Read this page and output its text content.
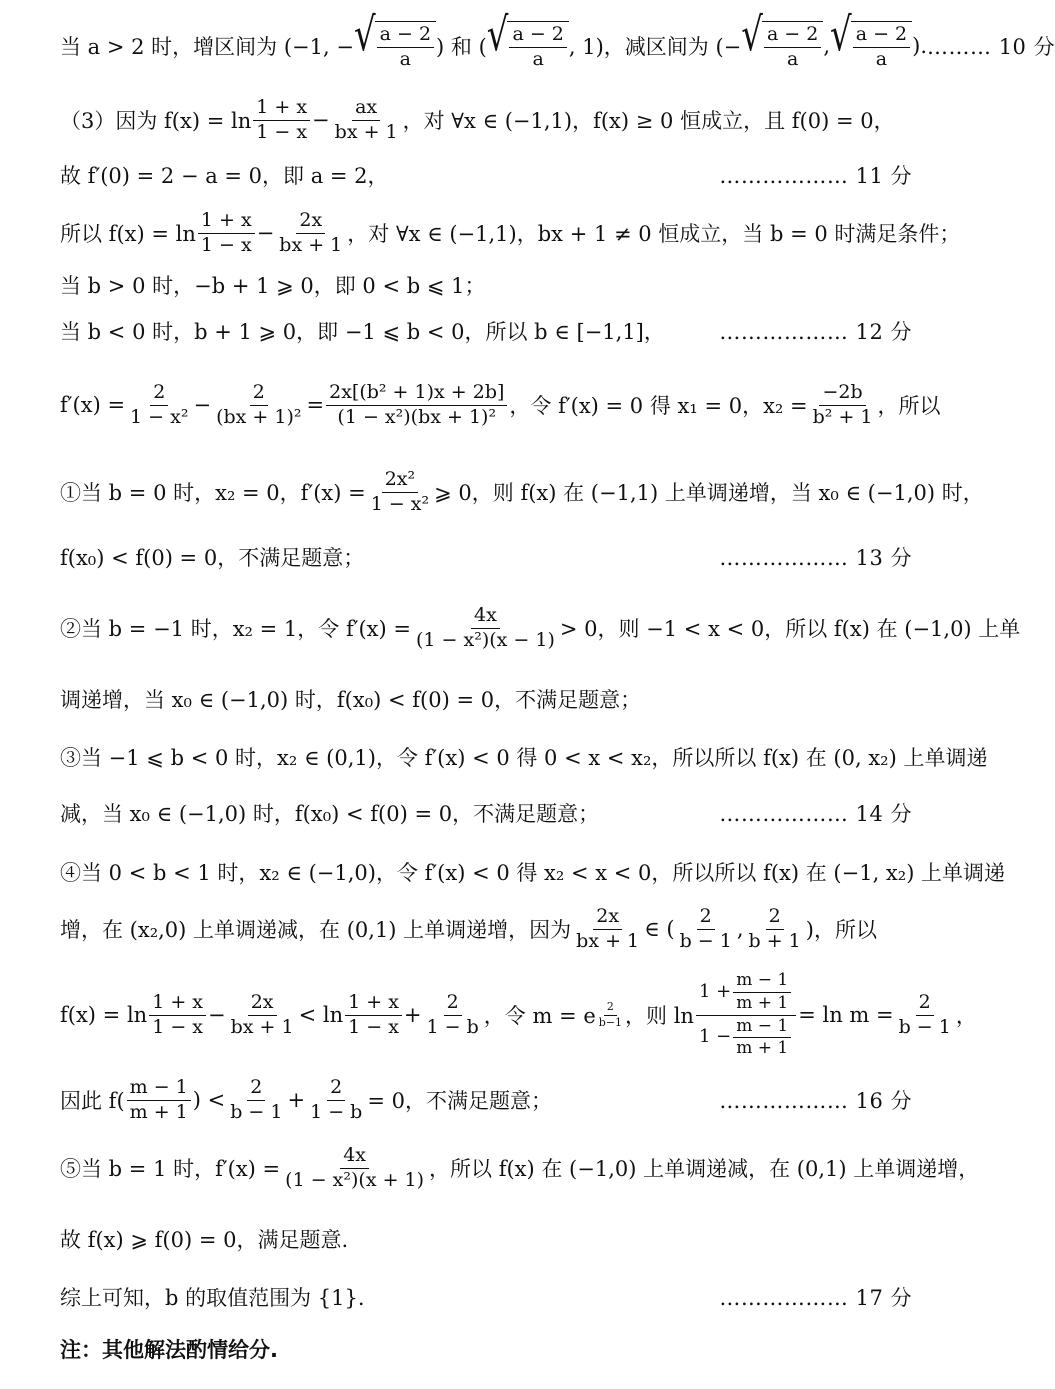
当 a > 2 时，增区间为 (−1, − √ $\frac{a - 2}{a}$ ) 和 ( √ $\frac{a - 2}{a}$ , 1)，减区间为 (− √ $\frac{a - 2}{a}$ , √ $\frac{a - 2}{a}$ ). ……… 10 分
（3）因为 f(x) = ln
1 + x
$1 - x - \frac{ax}{bx + 1}$ ，对 ∀x ∈ (−1,1)，f(x) ≥ 0 恒成立，且 f(0) = 0，
故 f′(0) = 2 − a = 0，即 a = 2，	……………… 11 分
所以 f(x) = ln
1 + x
$1 - x - \frac{2x}{bx + 1}$ ，对 ∀x ∈ (−1,1)，bx + 1 ≠ 0 恒成立，当 b = 0 时满足条件；
当 b > 0 时，−b + 1 ⩾ 0，即 0 < b ⩽ 1；
当 b < 0 时，b + 1 ⩾ 0，即 −1 ⩽ b < 0，所以 b ∈ [−1,1]，	……………… 12 分
$f'(x) = \frac{2}{\text{1 − x²}} - \frac{2}{\text{(bx + 1)²}} = \frac{\text{2x[(b² + 1)x + 2b]}}{\text{(1 − x²)(bx + 1)²}}$ ，令 f′(x) = 0 得 x₁ = 0，$x_2 = \frac{-2b}{\text{b² + 1}}$ ，所以
①当 b = 0 时，x₂ = 0，$f'(x) = \frac{\text{2x²}}{\text{1 − x²}}$ ⩾ 0，则 f(x) 在 (−1,1) 上单调递增，当 x₀ ∈ (−1,0) 时，
f(x₀) < f(0) = 0，不满足题意；	……………… 13 分
②当 b = −1 时，x₂ = 1，令 $f'(x) = \frac{4x}{\text{(1 − x²)(x − 1)}} > 0$，则 −1 < x < 0，所以 f(x) 在 (−1,0) 上单
调递增，当 x₀ ∈ (−1,0) 时，f(x₀) < f(0) = 0，不满足题意；
③当 −1 ⩽ b < 0 时，x₂ ∈ (0,1)，令 f′(x) < 0 得 0 < x < x₂，所以所以 f(x) 在 (0, x₂) 上单调递
减，当 x₀ ∈ (−1,0) 时，f(x₀) < f(0) = 0，不满足题意；	……………… 14 分
④当 0 < b < 1 时，x₂ ∈ (−1,0)，令 f′(x) < 0 得 x₂ < x < 0，所以所以 f(x) 在 (−1, x₂) 上单调递
增，在 (x₂,0) 上单调递减，在 (0,1) 上单调递增，因为
2x
bx + 1 ∈ (
2
b − 1 ,
2
b + 1 )，所以
f(x) = ln
1 + x
$1 - x - \frac{2x}{bx + 1} < \ln$
1 + x
$1 - x + \frac{2}{1 - b}$ ，令 m = e $\frac{2}{b-1}$ ，则 $\ln \frac{1 + \frac{m - 1}{m + 1}}{1 - \frac{m - 1}{m + 1}} = \ln m = \frac{2}{b - 1}$ ，
因此 f(
m − 1
m + 1 ) <
2
$b - 1 + \frac{2}{1 - b} = 0$，不满足题意；	……………… 16 分
⑤当 b = 1 时，$f'(x) = \frac{4x}{\text{(1 − x²)(x + 1)}}$ ，所以 f(x) 在 (−1,0) 上单调递减，在 (0,1) 上单调递增，
故 f(x) ⩾ f(0) = 0，满足题意.
综上可知，b 的取值范围为 {1}.	……………… 17 分
注：其他解法酌情给分.
